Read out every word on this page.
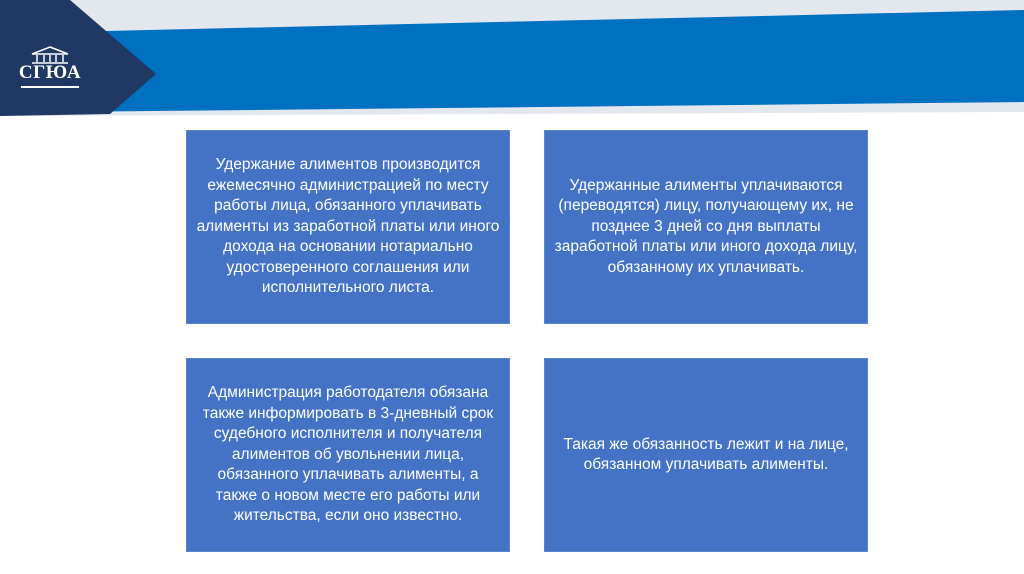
СГЮА
Удержание алиментов производится ежемесячно администрацией по месту работы лица, обязанного уплачивать алименты из заработной платы или иного дохода на основании нотариально удостоверенного соглашения или исполнительного листа.
Удержанные алименты уплачиваются (переводятся) лицу, получающему их, не позднее 3 дней со дня выплаты заработной платы или иного дохода лицу, обязанному их уплачивать.
Администрация работодателя обязана также информировать в 3-дневный срок судебного исполнителя и получателя алиментов об увольнении лица, обязанного уплачивать алименты, а также о новом месте его работы или жительства, если оно известно.
Такая же обязанность лежит и на лице, обязанном уплачивать алименты.
